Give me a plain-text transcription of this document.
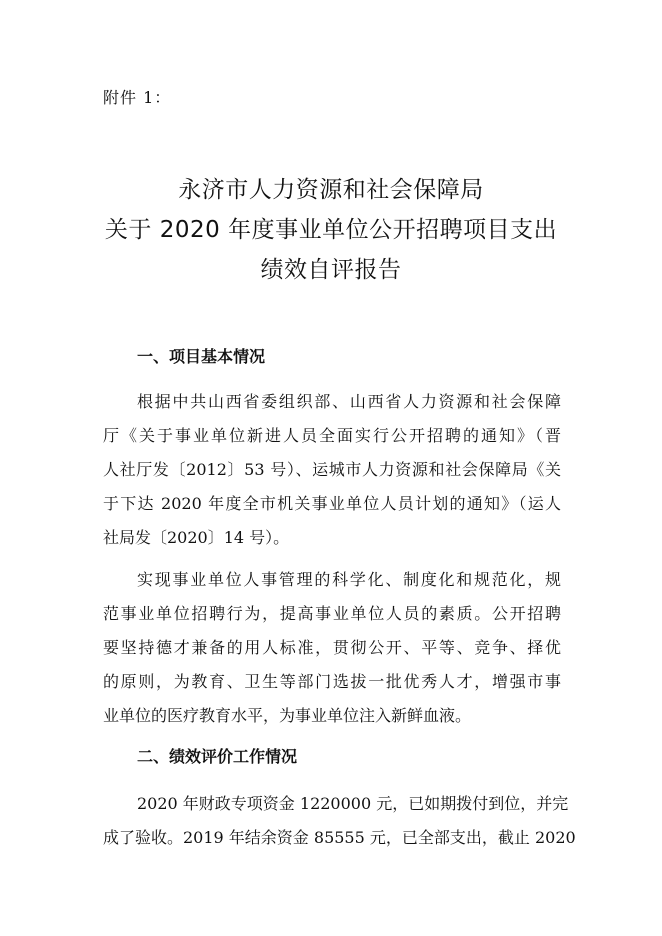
附件 1：
永济市人力资源和社会保障局
关于 2020 年度事业单位公开招聘项目支出
绩效自评报告
一、项目基本情况
根据中共山西省委组织部、山西省人力资源和社会保障
厅《关于事业单位新进人员全面实行公开招聘的通知》（晋
人社厅发〔2012〕53 号）、运城市人力资源和社会保障局《关
于下达 2020 年度全市机关事业单位人员计划的通知》（运人
社局发〔2020〕14 号）。
实现事业单位人事管理的科学化、制度化和规范化，规
范事业单位招聘行为，提高事业单位人员的素质。公开招聘
要坚持德才兼备的用人标准，贯彻公开、平等、竞争、择优
的原则，为教育、卫生等部门选拔一批优秀人才，增强市事
业单位的医疗教育水平，为事业单位注入新鲜血液。
二、绩效评价工作情况
2020 年财政专项资金 1220000 元，已如期拨付到位，并完
成了验收。2019 年结余资金 85555 元，已全部支出，截止 2020
